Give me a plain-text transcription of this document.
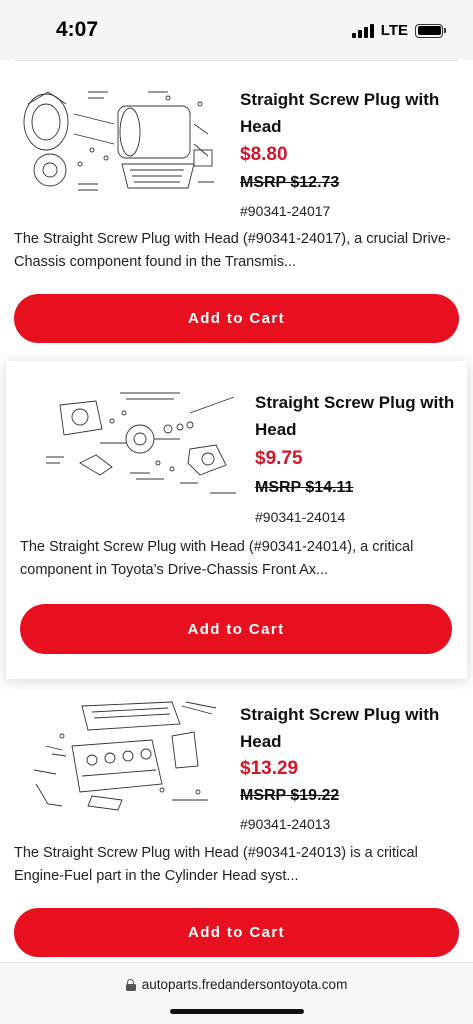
4:07	LTE
Straight Screw Plug with Head
$8.80
MSRP $12.73
#90341-24017
The Straight Screw Plug with Head (#90341-24017), a crucial Drive-Chassis component found in the Transmis...
Add to Cart
Straight Screw Plug with Head
$9.75
MSRP $14.11
#90341-24014
The Straight Screw Plug with Head (#90341-24014), a critical component in Toyota’s Drive-Chassis Front Ax...
Add to Cart
Straight Screw Plug with Head
$13.29
MSRP $19.22
#90341-24013
The Straight Screw Plug with Head (#90341-24013) is a critical Engine-Fuel part in the Cylinder Head syst...
Add to Cart
autoparts.fredandersontoyota.com
